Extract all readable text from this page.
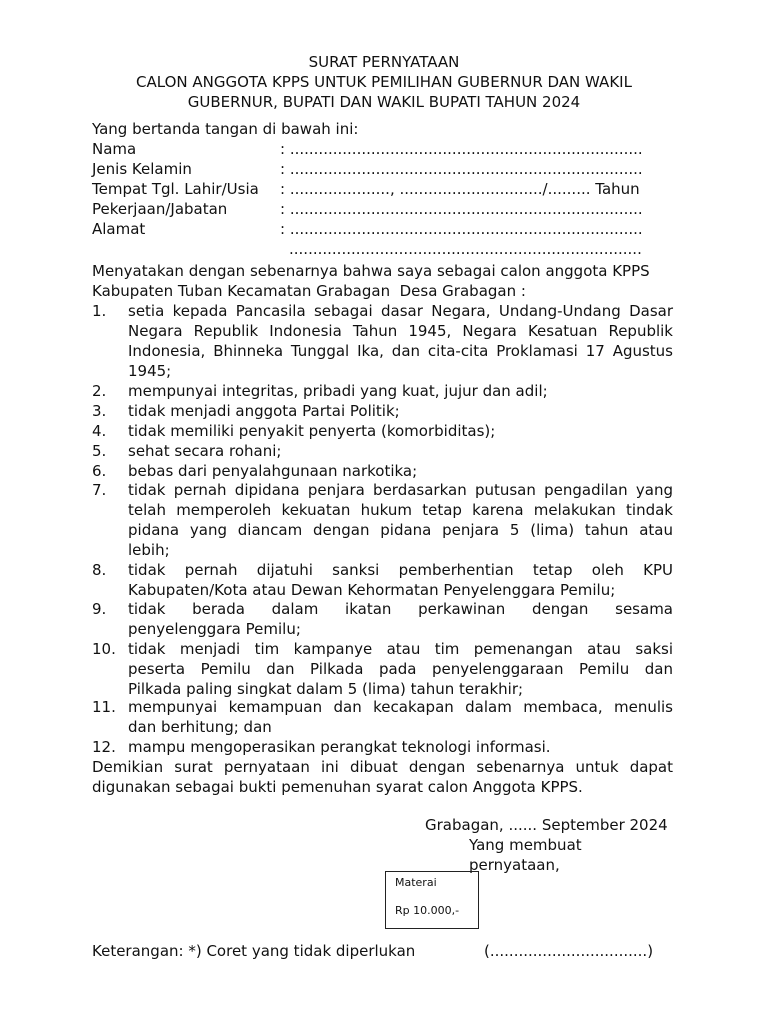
SURAT PERNYATAAN
CALON ANGGOTA KPPS UNTUK PEMILIHAN GUBERNUR DAN WAKIL
GUBERNUR, BUPATI DAN WAKIL BUPATI TAHUN 2024
Yang bertanda tangan di bawah ini:
Nama	: ..........................................................................
Jenis Kelamin	: ..........................................................................
Tempat Tgl. Lahir/Usia : ....................., ............................../......... Tahun
Pekerjaan/Jabatan	: ..........................................................................
Alamat	: ..........................................................................
..........................................................................
Menyatakan dengan sebenarnya bahwa saya sebagai calon anggota KPPS
Kabupaten Tuban Kecamatan Grabagan  Desa Grabagan :
1. setia kepada Pancasila sebagai dasar Negara, Undang-Undang Dasar
Negara Republik Indonesia Tahun 1945, Negara Kesatuan Republik
Indonesia, Bhinneka Tunggal Ika, dan cita-cita Proklamasi 17 Agustus
1945;
2. mempunyai integritas, pribadi yang kuat, jujur dan adil;
3. tidak menjadi anggota Partai Politik;
4. tidak memiliki penyakit penyerta (komorbiditas);
5. sehat secara rohani;
6. bebas dari penyalahgunaan narkotika;
7. tidak pernah dipidana penjara berdasarkan putusan pengadilan yang
telah memperoleh kekuatan hukum tetap karena melakukan tindak
pidana yang diancam dengan pidana penjara 5 (lima) tahun atau
lebih;
8. tidak pernah dijatuhi sanksi pemberhentian tetap oleh KPU
Kabupaten/Kota atau Dewan Kehormatan Penyelenggara Pemilu;
9. tidak berada dalam ikatan perkawinan dengan sesama
penyelenggara Pemilu;
10. tidak menjadi tim kampanye atau tim pemenangan atau saksi
peserta Pemilu dan Pilkada pada penyelenggaraan Pemilu dan
Pilkada paling singkat dalam 5 (lima) tahun terakhir;
11. mempunyai kemampuan dan kecakapan dalam membaca, menulis
dan berhitung; dan
12. mampu mengoperasikan perangkat teknologi informasi.
Demikian surat pernyataan ini dibuat dengan sebenarnya untuk dapat
digunakan sebagai bukti pemenuhan syarat calon Anggota KPPS.
Grabagan, ...... September 2024
Yang membuat
pernyataan,
Materai
Rp 10.000,-
Keterangan: *) Coret yang tidak diperlukan	(.................................)
